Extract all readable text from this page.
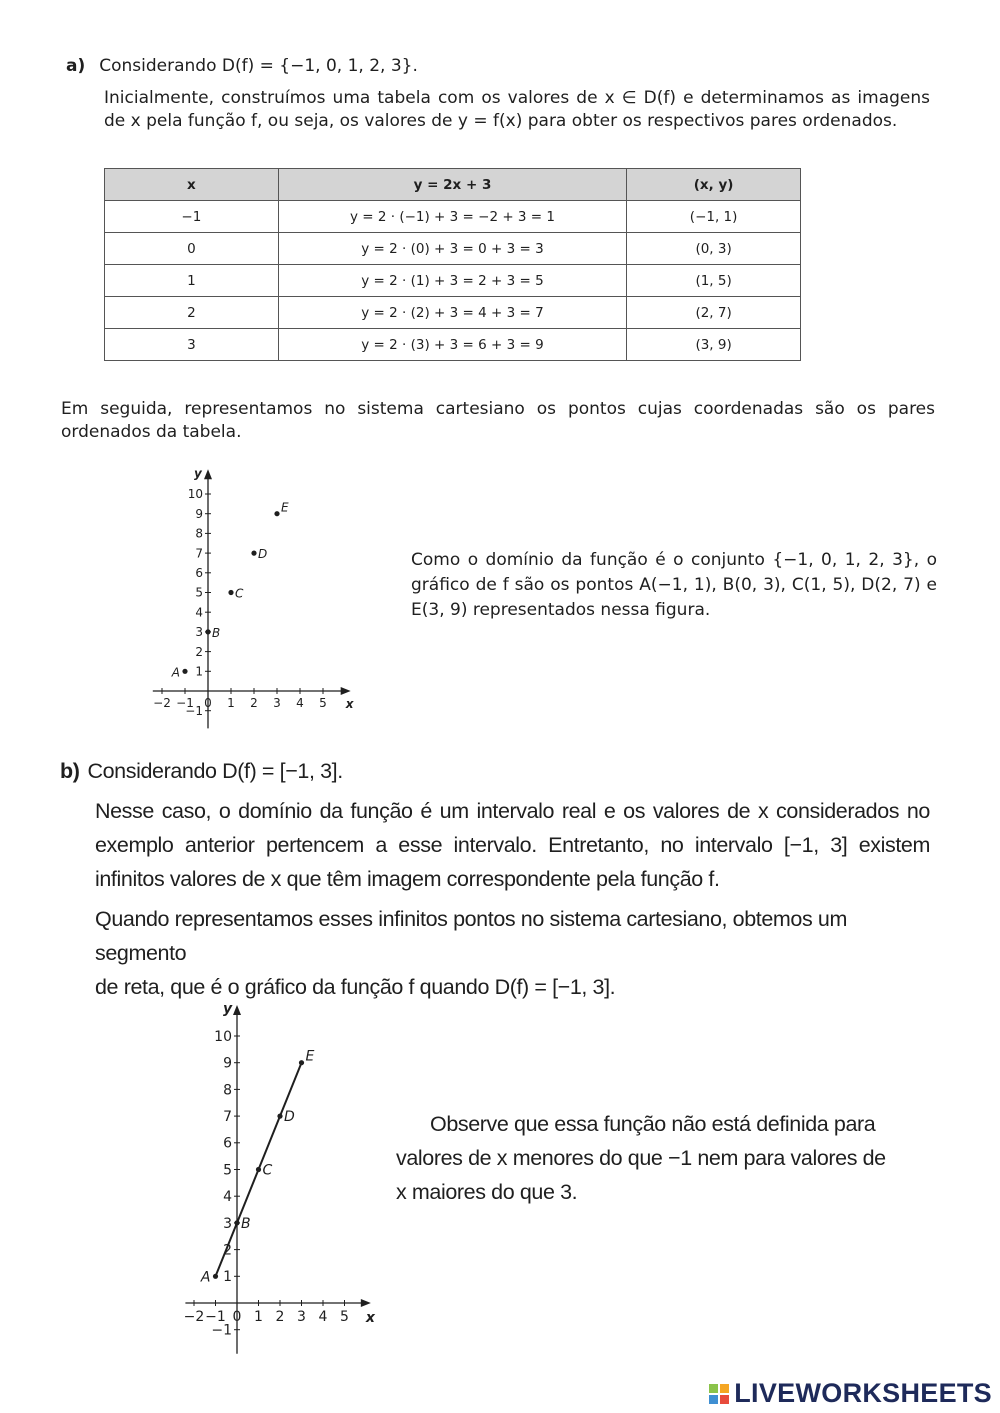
a) Considerando D(f) = {−1, 0, 1, 2, 3}.
Inicialmente, construímos uma tabela com os valores de x ∈ D(f) e determinamos as imagens de x pela função f, ou seja, os valores de y = f(x) para obter os respectivos pares ordenados.
x	y = 2x + 3	(x, y)
−1	y = 2 · (−1) + 3 = −2 + 3 = 1	(−1, 1)
0	y = 2 · (0) + 3 = 0 + 3 = 3	(0, 3)
1	y = 2 · (1) + 3 = 2 + 3 = 5	(1, 5)
2	y = 2 · (2) + 3 = 4 + 3 = 7	(2, 7)
3	y = 2 · (3) + 3 = 6 + 3 = 9	(3, 9)
Em seguida, representamos no sistema cartesiano os pontos cujas coordenadas são os pares ordenados da tabela.
x
y
−2 −1 0 1 2 3 4 5
−1
1
2
3
4
5
6
7
8
9
10
A
B
C
D
E
Como o domínio da função é o conjunto {−1, 0, 1, 2, 3}, o gráfico de f são os pontos A(−1, 1), B(0, 3), C(1, 5), D(2, 7) e E(3, 9) representados nessa figura.
b) Considerando D(f) = [−1, 3].
Nesse caso, o domínio da função é um intervalo real e os valores de x considerados no exemplo anterior pertencem a esse intervalo. Entretanto, no intervalo [−1, 3] existem infinitos valores de x que têm imagem correspondente pela função f.
Quando representamos esses infinitos pontos no sistema cartesiano, obtemos um segmento
de reta, que é o gráfico da função f quando D(f) = [−1, 3].
x
y
−2 −1 0 1 2 3 4 5
−1
1
2
3
4
5
6
7
8
9
10
A
B
C
D
E
Observe que essa função não está definida para
valores de x menores do que −1 nem para valores de
x maiores do que 3.
LIVEWORKSHEETS
